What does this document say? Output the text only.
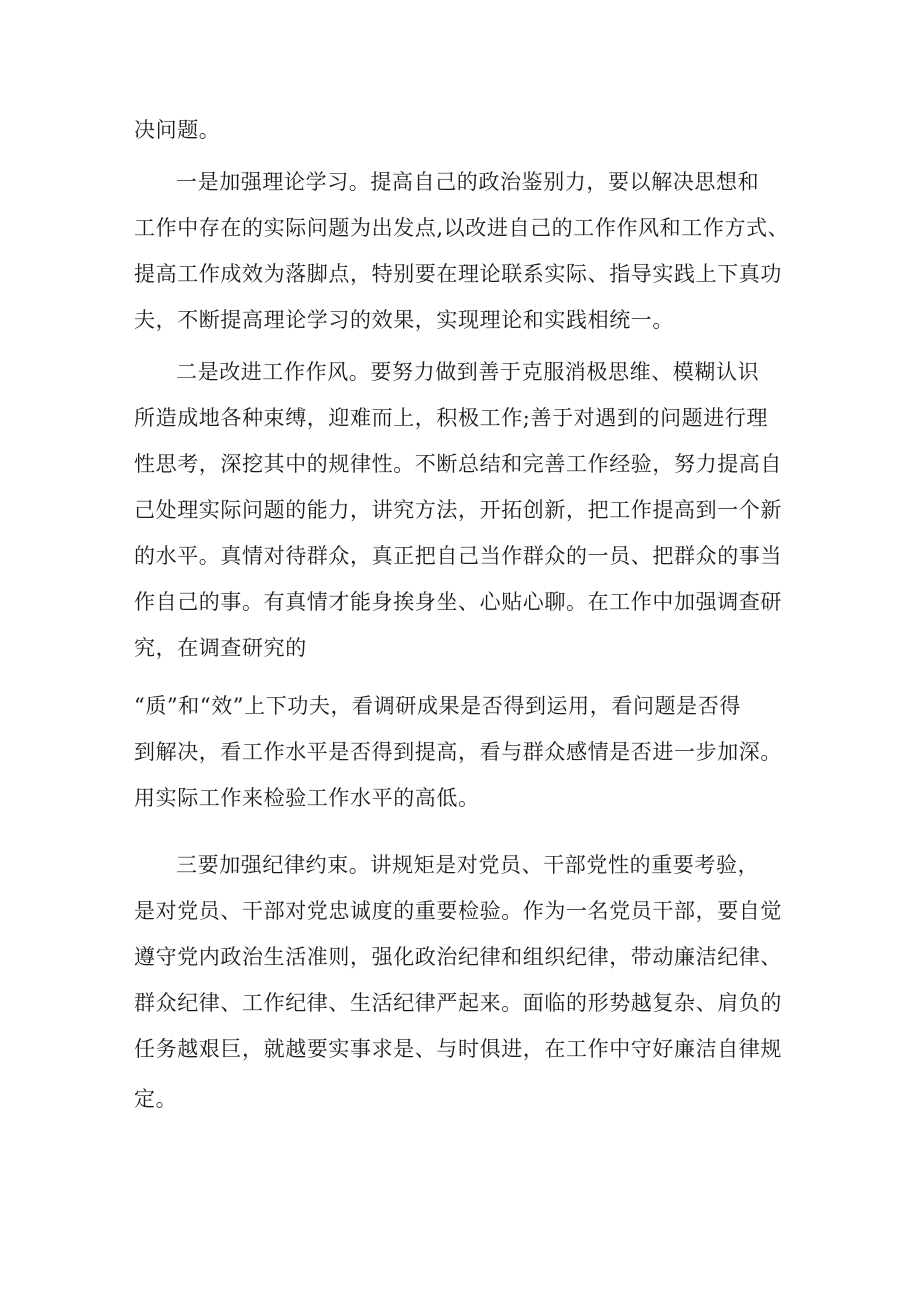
决问题。
一是加强理论学习。提高自己的政治鉴别力，要以解决思想和
工作中存在的实际问题为出发点,以改进自己的工作作风和工作方式、
提高工作成效为落脚点，特别要在理论联系实际、指导实践上下真功
夫，不断提高理论学习的效果，实现理论和实践相统一。
二是改进工作作风。要努力做到善于克服消极思维、模糊认识
所造成地各种束缚，迎难而上，积极工作;善于对遇到的问题进行理
性思考，深挖其中的规律性。不断总结和完善工作经验，努力提高自
己处理实际问题的能力，讲究方法，开拓创新，把工作提高到一个新
的水平。真情对待群众，真正把自己当作群众的一员、把群众的事当
作自己的事。有真情才能身挨身坐、心贴心聊。在工作中加强调查研
究，在调查研究的
“质”和“效”上下功夫，看调研成果是否得到运用，看问题是否得
到解决，看工作水平是否得到提高，看与群众感情是否进一步加深。
用实际工作来检验工作水平的高低。
三要加强纪律约束。讲规矩是对党员、干部党性的重要考验，
是对党员、干部对党忠诚度的重要检验。作为一名党员干部，要自觉
遵守党内政治生活准则，强化政治纪律和组织纪律，带动廉洁纪律、
群众纪律、工作纪律、生活纪律严起来。面临的形势越复杂、肩负的
任务越艰巨，就越要实事求是、与时俱进，在工作中守好廉洁自律规
定。
